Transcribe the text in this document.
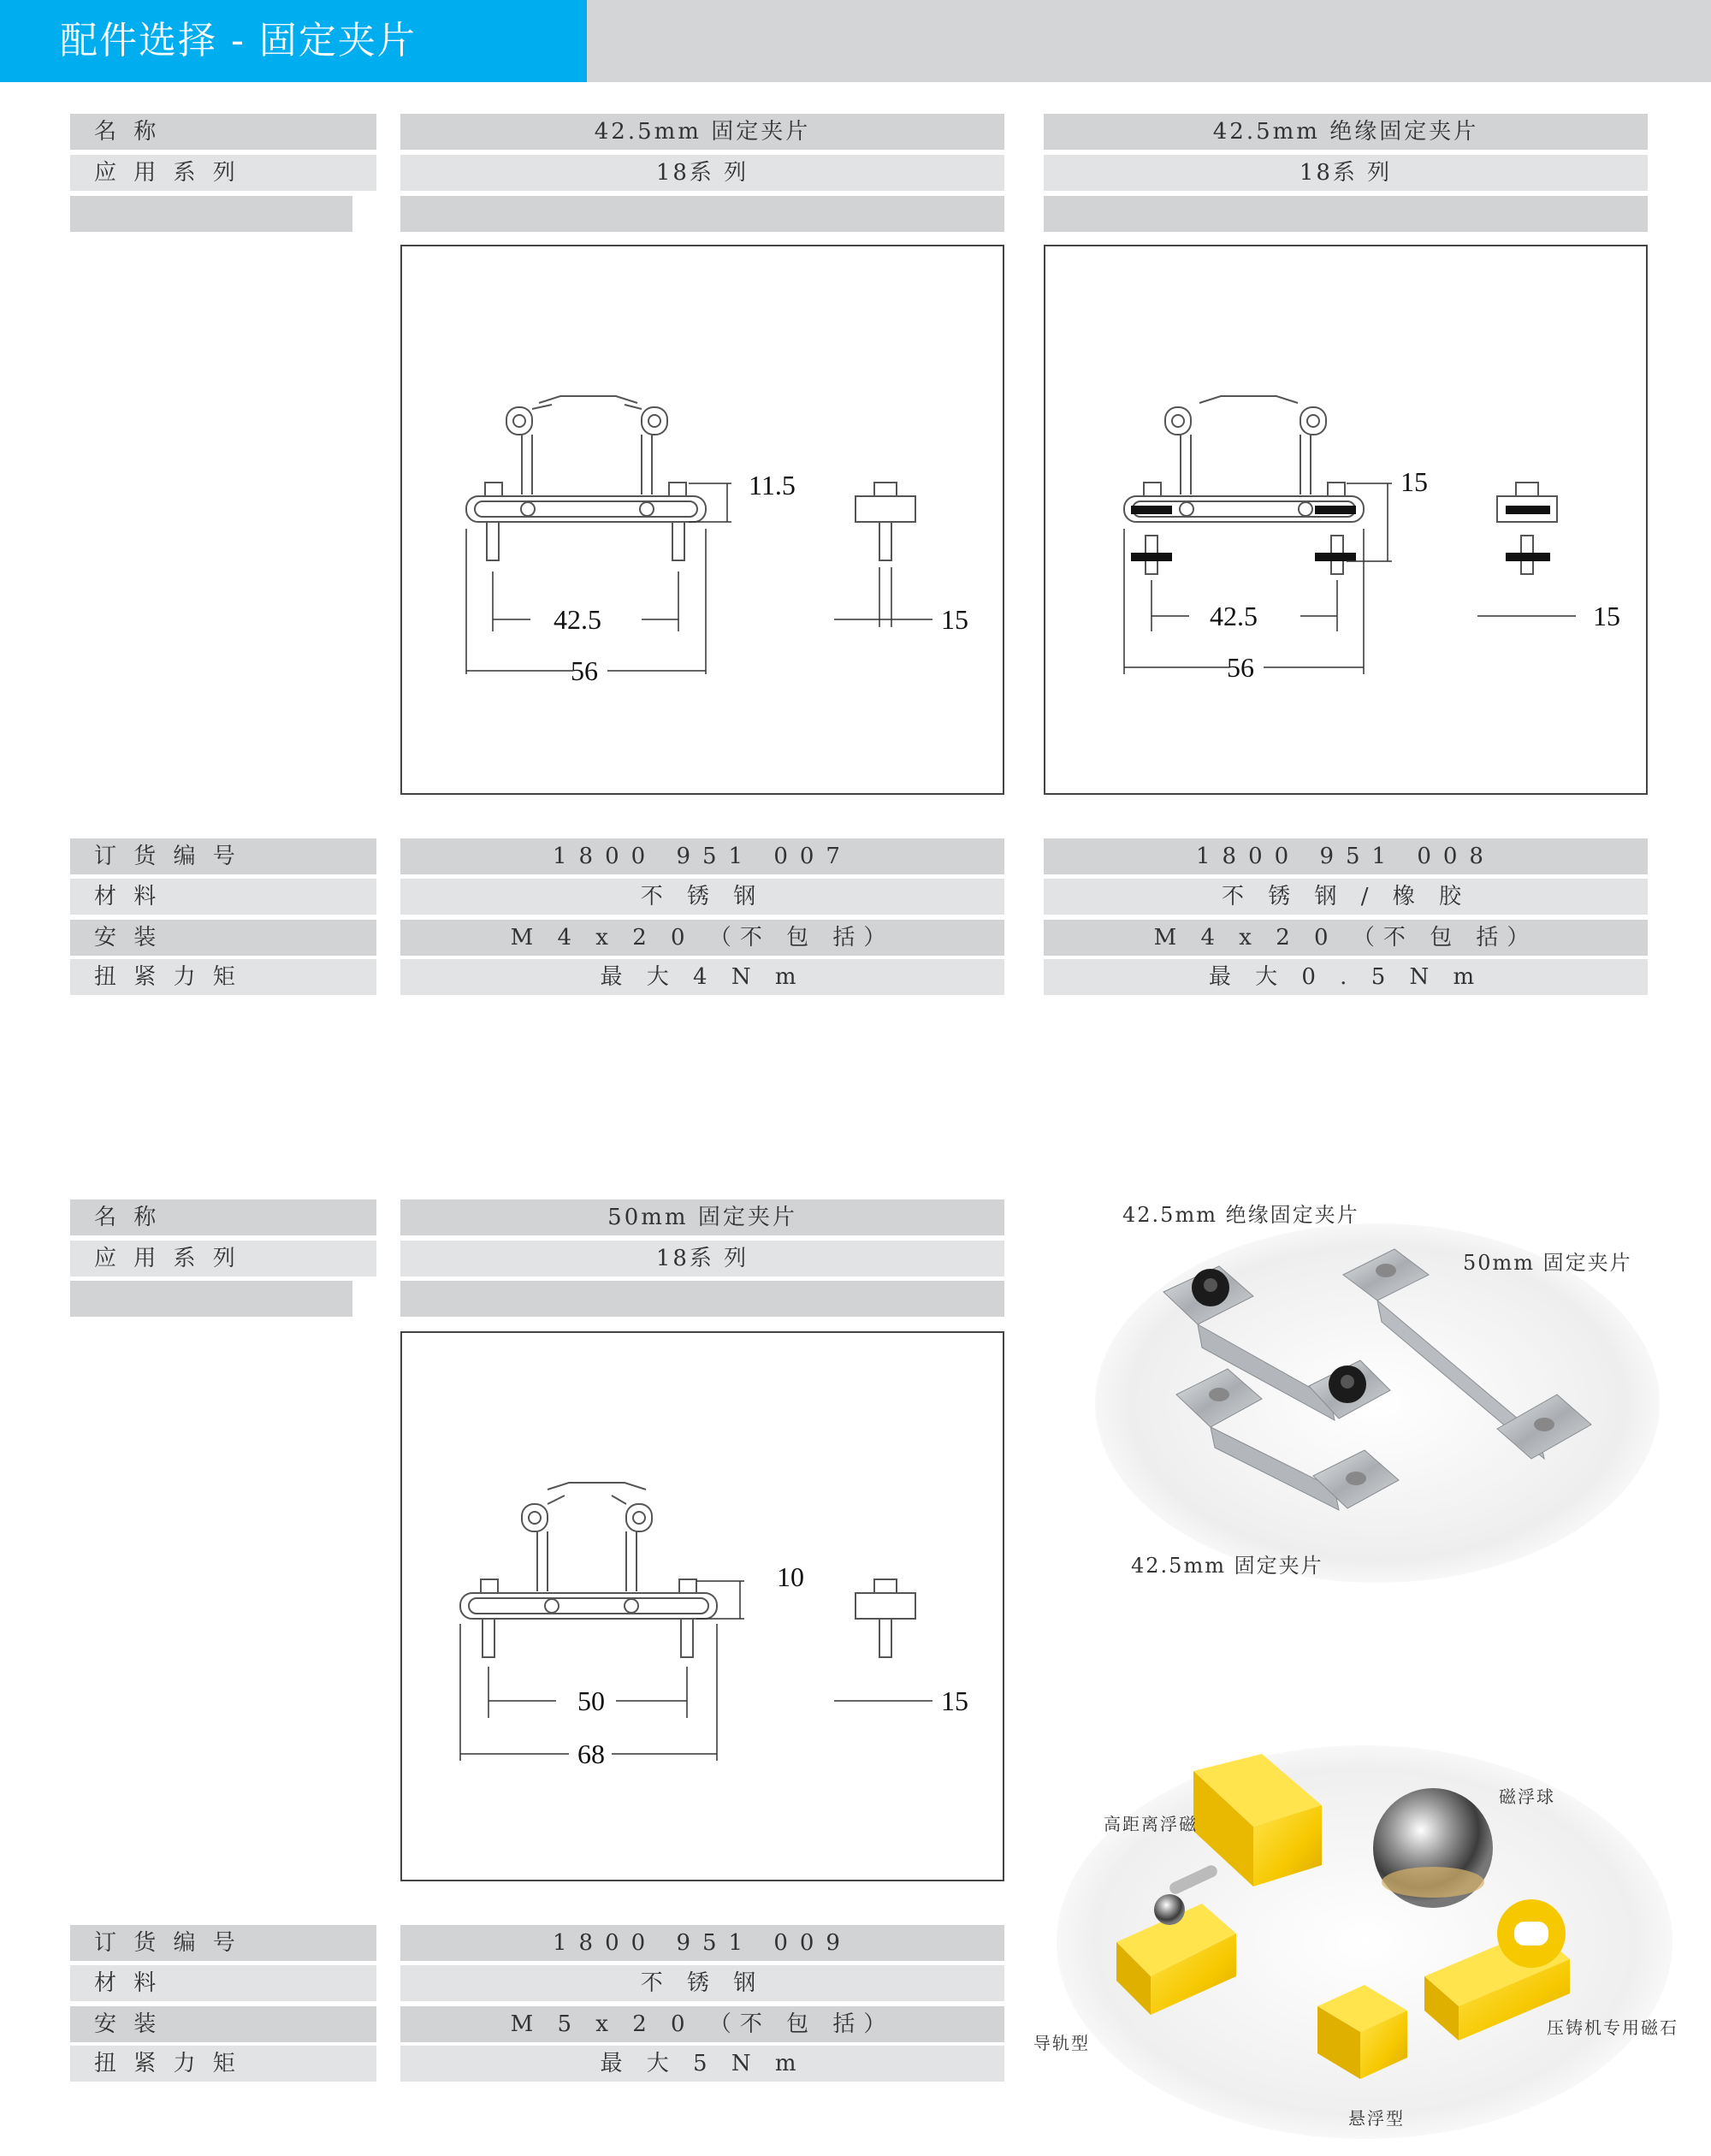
配件选择 - 固定夹片
名 称	42.5mm 固定夹片	42.5mm 绝缘固定夹片
应 用 系 列	18系 列	18系 列
11.5
42.5
56
15
15
42.5
56
15
订 货 编 号	1800 951 007	1800 951 008
材 料	不 锈 钢	不 锈 钢 / 橡 胶
安 装	M 4 x 2 0 （不 包 括）	M 4 x 2 0 （不 包 括）
扭 紧 力 矩	最 大 4 N m	最 大 0 . 5 N m
名 称	50mm 固定夹片
应 用 系 列	18系 列
10
50
68
15
订 货 编 号	1800 951 009
材 料	不 锈 钢
安 装	M 5 x 2 0 （不 包 括）
扭 紧 力 矩	最 大 5 N m
42.5mm 绝缘固定夹片
50mm 固定夹片
42.5mm 固定夹片
磁浮球
高距离浮磁
导轨型
压铸机专用磁石
悬浮型
